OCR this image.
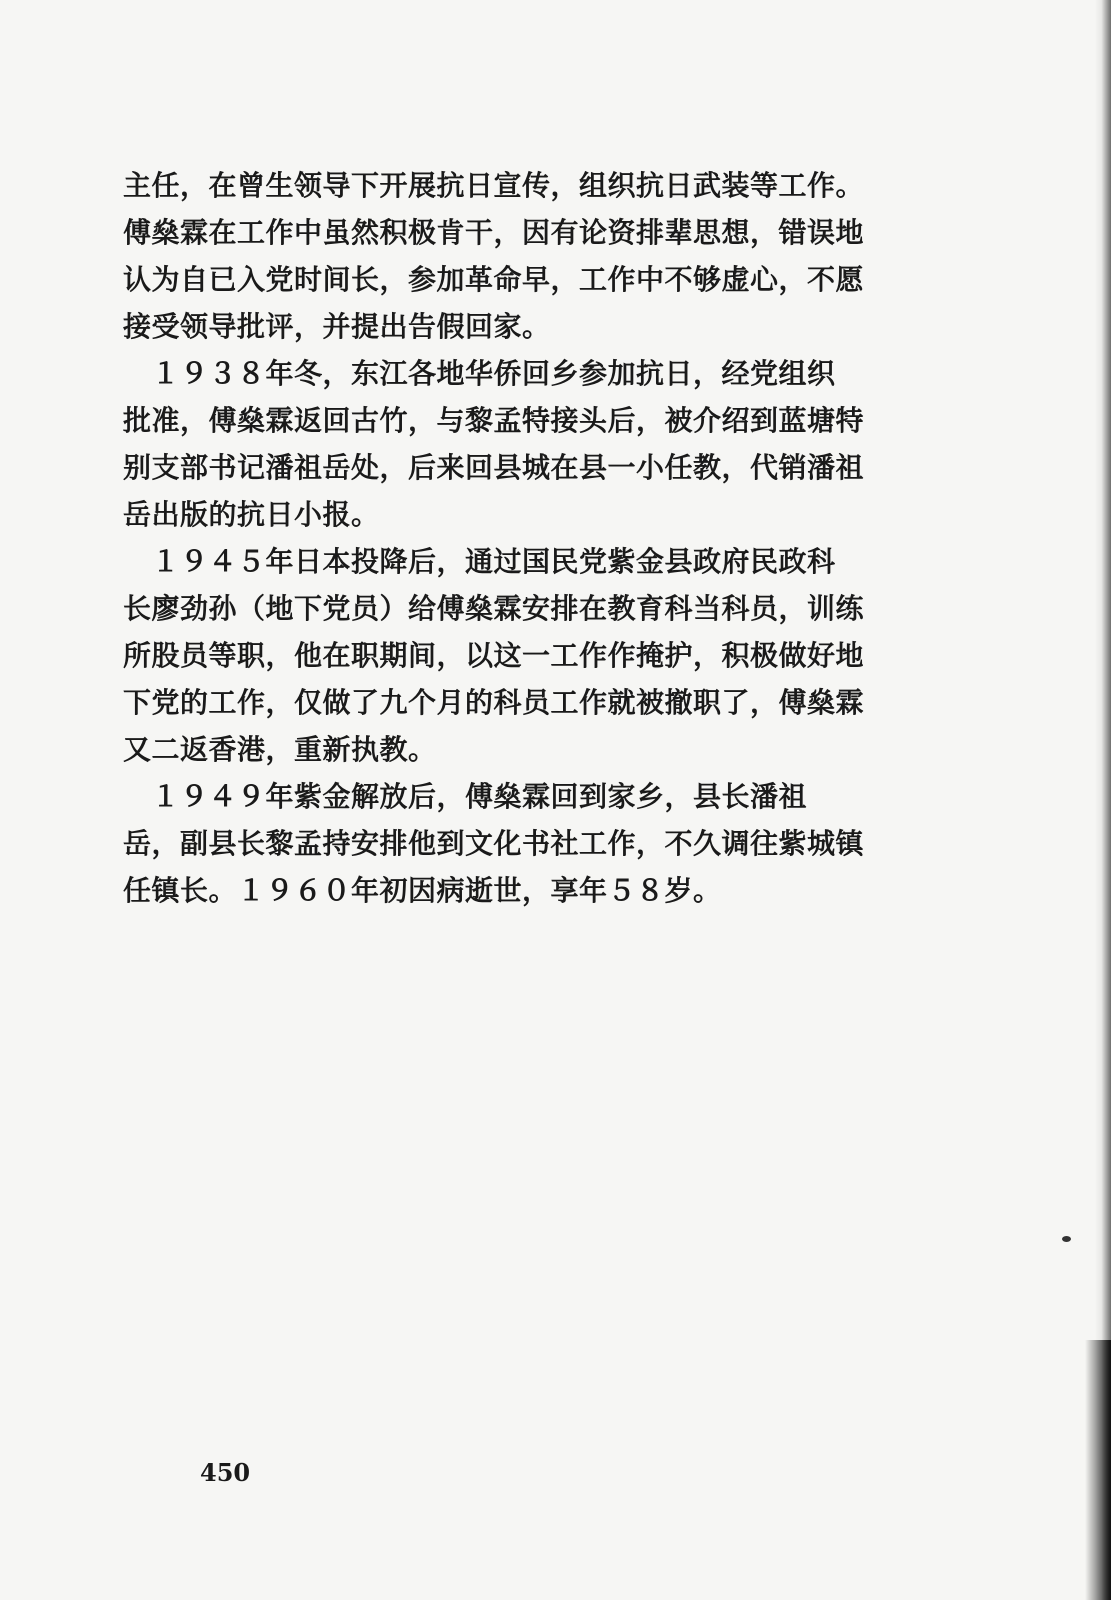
主任，在曾生领导下开展抗日宣传，组织抗日武装等工作。
傅燊霖在工作中虽然积极肯干，因有论资排辈思想，错误地
认为自已入党时间长，参加革命早，工作中不够虚心，不愿
接受领导批评，并提出告假回家。
　１９３８年冬，东江各地华侨回乡参加抗日，经党组织
批准，傅燊霖返回古竹，与黎孟特接头后，被介绍到蓝塘特
别支部书记潘祖岳处，后来回县城在县一小任教，代销潘祖
岳出版的抗日小报。
　１９４５年日本投降后，通过国民党紫金县政府民政科
长廖劲孙（地下党员）给傅燊霖安排在教育科当科员，训练
所股员等职，他在职期间，以这一工作作掩护，积极做好地
下党的工作，仅做了九个月的科员工作就被撤职了，傅燊霖
又二返香港，重新执教。
　１９４９年紫金解放后，傅燊霖回到家乡，县长潘祖
岳，副县长黎孟持安排他到文化书社工作，不久调往紫城镇
任镇长。１９６０年初因病逝世，享年５８岁。
450
